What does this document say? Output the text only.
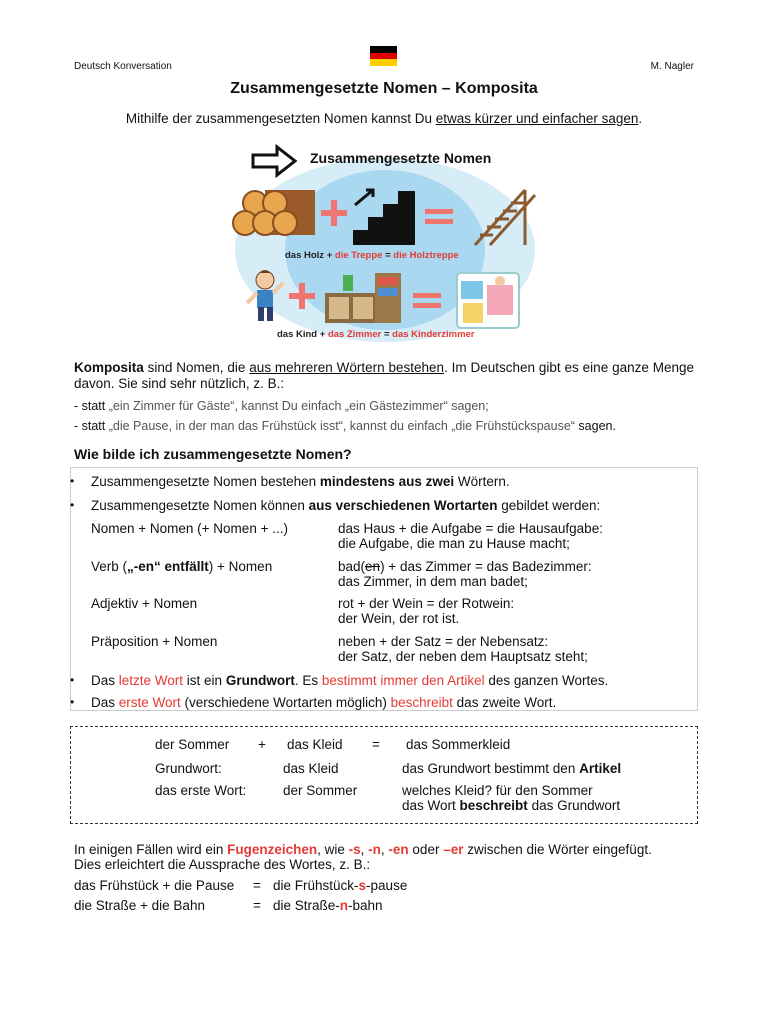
Deutsch Konversation	M. Nagler
Zusammengesetzte Nomen – Komposita
Mithilfe der zusammengesetzten Nomen kannst Du etwas kürzer und einfacher sagen.
Zusammengesetzte Nomen
das Holz + die Treppe = die Holztreppe
das Kind + das Zimmer = das Kinderzimmer
Komposita sind Nomen, die aus mehreren Wörtern bestehen. Im Deutschen gibt es eine ganze Menge davon. Sie sind sehr nützlich, z. B.:
- statt „ein Zimmer für Gäste“, kannst Du einfach „ein Gästezimmer“ sagen;
- statt „die Pause, in der man das Frühstück isst“, kannst du einfach „die Frühstückspause“ sagen.
Wie bilde ich zusammengesetzte Nomen?
Zusammengesetzte Nomen bestehen mindestens aus zwei Wörtern.
Zusammengesetzte Nomen können aus verschiedenen Wortarten gebildet werden:
Nomen + Nomen (+ Nomen + ...)	das Haus + die Aufgabe = die Hausaufgabe:
die Aufgabe, die man zu Hause macht;
Verb („-en“ entfällt) + Nomen	bad(en) + das Zimmer = das Badezimmer:
das Zimmer, in dem man badet;
Adjektiv + Nomen	rot + der Wein = der Rotwein:
der Wein, der rot ist.
Präposition + Nomen	neben + der Satz = der Nebensatz:
der Satz, der neben dem Hauptsatz steht;
Das letzte Wort ist ein Grundwort. Es bestimmt immer den Artikel des ganzen Wortes.
Das erste Wort (verschiedene Wortarten möglich) beschreibt das zweite Wort.
der Sommer + das Kleid = das Sommerkleid
Grundwort:	das Kleid	das Grundwort bestimmt den Artikel
das erste Wort:	der Sommer	welches Kleid? für den Sommer
das Wort beschreibt das Grundwort
In einigen Fällen wird ein Fugenzeichen, wie -s, -n, -en oder –er zwischen die Wörter eingefügt.
Dies erleichtert die Aussprache des Wortes, z. B.:
das Frühstück + die Pause = die Frühstück-s-pause
die Straße + die Bahn	= die Straße-n-bahn
